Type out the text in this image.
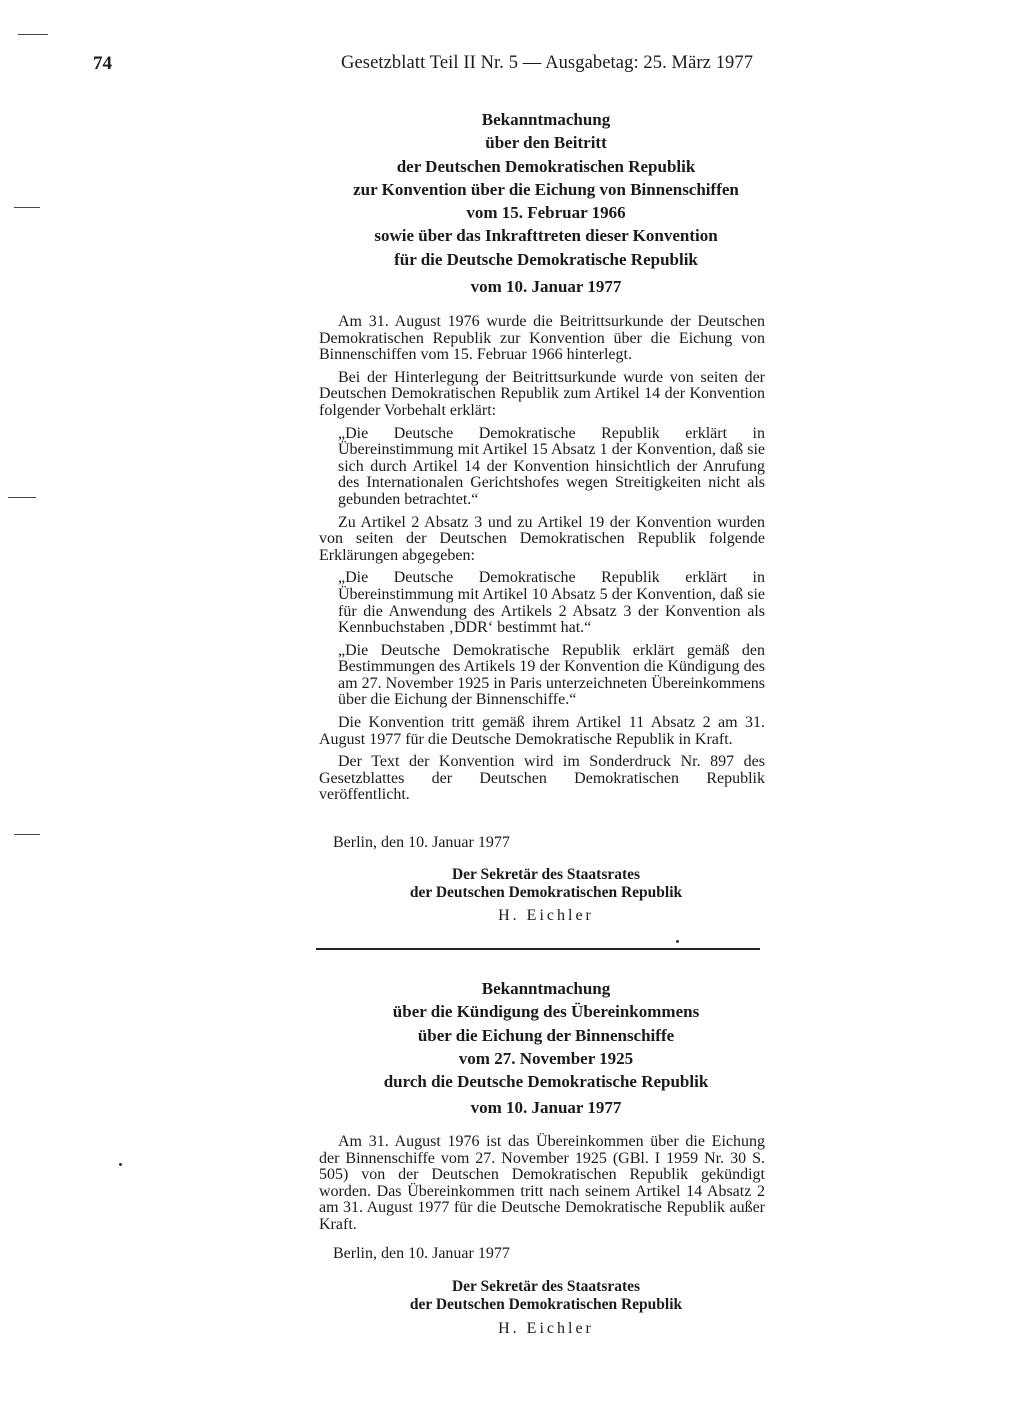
74	Gesetzblatt Teil II Nr. 5 — Ausgabetag: 25. März 1977
Bekanntmachung
über den Beitritt
der Deutschen Demokratischen Republik
zur Konvention über die Eichung von Binnenschiffen
vom 15. Februar 1966
sowie über das Inkrafttreten dieser Konvention
für die Deutsche Demokratische Republik
vom 10. Januar 1977

Am 31. August 1976 wurde die Beitrittsurkunde der Deutschen Demokratischen Republik zur Konvention über die Eichung von Binnenschiffen vom 15. Februar 1966 hinterlegt.

Bei der Hinterlegung der Beitrittsurkunde wurde von seiten der Deutschen Demokratischen Republik zum Artikel 14 der Konvention folgender Vorbehalt erklärt:

„Die Deutsche Demokratische Republik erklärt in Übereinstimmung mit Artikel 15 Absatz 1 der Konvention, daß sie sich durch Artikel 14 der Konvention hinsichtlich der Anrufung des Internationalen Gerichtshofes wegen Streitigkeiten nicht als gebunden betrachtet.“

Zu Artikel 2 Absatz 3 und zu Artikel 19 der Konvention wurden von seiten der Deutschen Demokratischen Republik folgende Erklärungen abgegeben:

„Die Deutsche Demokratische Republik erklärt in Übereinstimmung mit Artikel 10 Absatz 5 der Konvention, daß sie für die Anwendung des Artikels 2 Absatz 3 der Konvention als Kennbuchstaben ‚DDR‘ bestimmt hat.“

„Die Deutsche Demokratische Republik erklärt gemäß den Bestimmungen des Artikels 19 der Konvention die Kündigung des am 27. November 1925 in Paris unterzeichneten Übereinkommens über die Eichung der Binnenschiffe.“

Die Konvention tritt gemäß ihrem Artikel 11 Absatz 2 am 31. August 1977 für die Deutsche Demokratische Republik in Kraft.

Der Text der Konvention wird im Sonderdruck Nr. 897 des Gesetzblattes der Deutschen Demokratischen Republik veröffentlicht.

Berlin, den 10. Januar 1977
Der Sekretär des Staatsrates
der Deutschen Demokratischen Republik
H. Eichler
Bekanntmachung
über die Kündigung des Übereinkommens
über die Eichung der Binnenschiffe
vom 27. November 1925
durch die Deutsche Demokratische Republik
vom 10. Januar 1977

Am 31. August 1976 ist das Übereinkommen über die Eichung der Binnenschiffe vom 27. November 1925 (GBl. I 1959 Nr. 30 S. 505) von der Deutschen Demokratischen Republik gekündigt worden. Das Übereinkommen tritt nach seinem Artikel 14 Absatz 2 am 31. August 1977 für die Deutsche Demokratische Republik außer Kraft.

Berlin, den 10. Januar 1977
Der Sekretär des Staatsrates
der Deutschen Demokratischen Republik
H. Eichler
